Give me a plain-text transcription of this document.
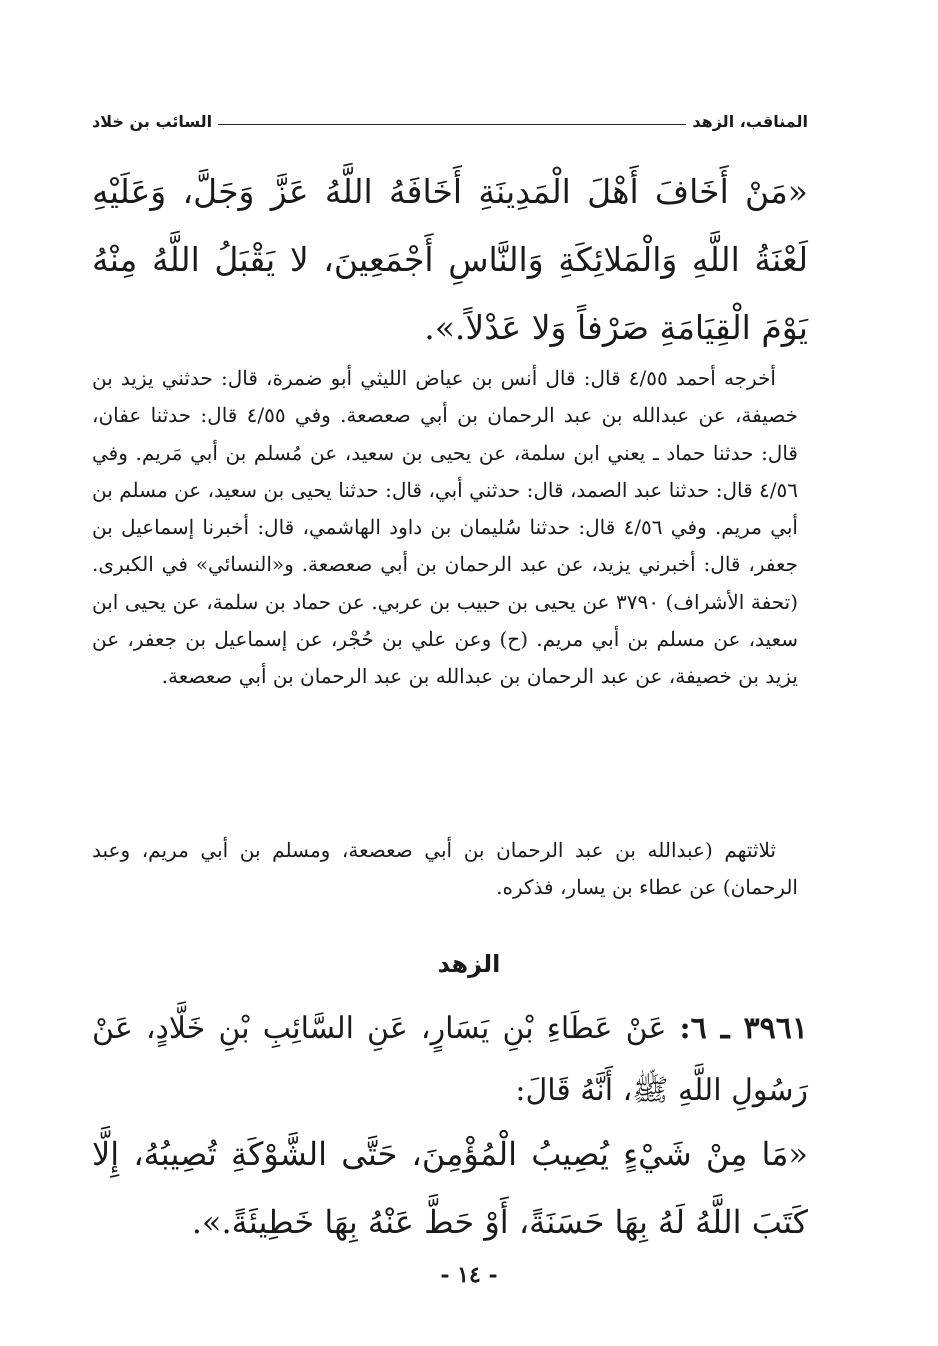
المناقب، الزهد
السائب بن خلاد
«مَنْ أَخَافَ أَهْلَ الْمَدِينَةِ أَخَافَهُ اللَّهُ عَزَّ وَجَلَّ، وَعَلَيْهِ لَعْنَةُ اللَّهِ وَالْمَلائِكَةِ وَالنَّاسِ أَجْمَعِينَ، لا يَقْبَلُ اللَّهُ مِنْهُ يَوْمَ الْقِيَامَةِ صَرْفاً وَلا عَدْلاً.».
أخرجه أحمد ٤/٥٥ قال: قال أنس بن عياض الليثي أبو ضمرة، قال: حدثني يزيد بن خصيفة، عن عبدالله بن عبد الرحمان بن أبي صعصعة. وفي ٤/٥٥ قال: حدثنا عفان، قال: حدثنا حماد ـ يعني ابن سلمة، عن يحيى بن سعيد، عن مُسلم بن أبي مَريم. وفي ٤/٥٦ قال: حدثنا عبد الصمد، قال: حدثني أبي، قال: حدثنا يحيى بن سعيد، عن مسلم بن أبي مريم. وفي ٤/٥٦ قال: حدثنا سُليمان بن داود الهاشمي، قال: أخبرنا إسماعيل بن جعفر، قال: أخبرني يزيد، عن عبد الرحمان بن أبي صعصعة. و«النسائي» في الكبرى. (تحفة الأشراف) ٣٧٩٠ عن يحيى بن حبيب بن عربي. عن حماد بن سلمة، عن يحيى ابن سعيد، عن مسلم بن أبي مريم. (ح) وعن علي بن حُجْر، عن إسماعيل بن جعفر، عن يزيد بن خصيفة، عن عبد الرحمان بن عبدالله بن عبد الرحمان بن أبي صعصعة.
ثلاثتهم (عبدالله بن عبد الرحمان بن أبي صعصعة، ومسلم بن أبي مريم، وعبد الرحمان) عن عطاء بن يسار، فذكره.
الزهد
٣٩٦١ ـ ٦: عَنْ عَطَاءِ بْنِ يَسَارٍ، عَنِ السَّائِبِ بْنِ خَلَّادٍ، عَنْ رَسُولِ اللَّهِ ﷺ، أَنَّهُ قَالَ:
«مَا مِنْ شَيْءٍ يُصِيبُ الْمُؤْمِنَ، حَتَّى الشَّوْكَةِ تُصِيبُهُ، إِلَّا كَتَبَ اللَّهُ لَهُ بِهَا حَسَنَةً، أَوْ حَطَّ عَنْهُ بِهَا خَطِيئَةً.».
- ١٤ -
